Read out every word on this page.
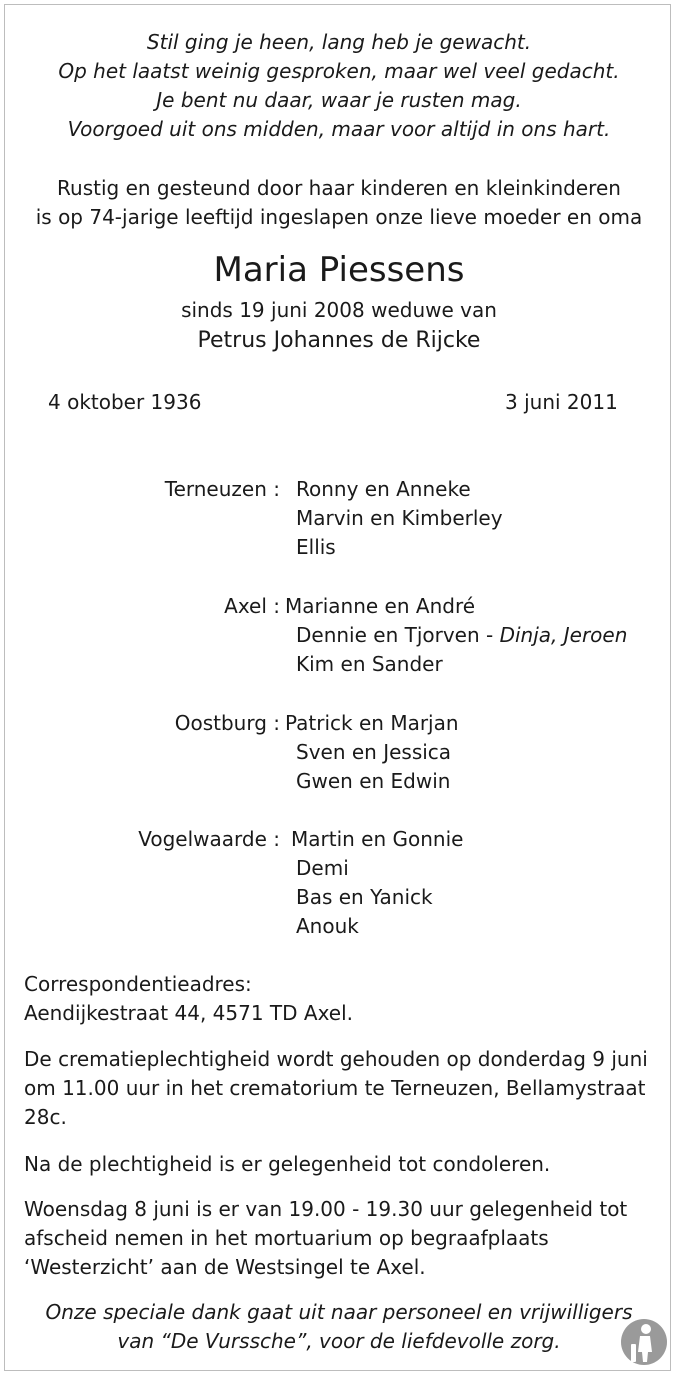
Stil ging je heen, lang heb je gewacht.
Op het laatst weinig gesproken, maar wel veel gedacht.
Je bent nu daar, waar je rusten mag.
Voorgoed uit ons midden, maar voor altijd in ons hart.
Rustig en gesteund door haar kinderen en kleinkinderen
is op 74-jarige leeftijd ingeslapen onze lieve moeder en oma
Maria Piessens
sinds 19 juni 2008 weduwe van
Petrus Johannes de Rijcke
4 oktober 1936	3 juni 2011
Terneuzen : Ronny en Anneke
Marvin en Kimberley
Ellis
Axel : Marianne en André
Dennie en Tjorven - Dinja, Jeroen
Kim en Sander
Oostburg : Patrick en Marjan
Sven en Jessica
Gwen en Edwin
Vogelwaarde : Martin en Gonnie
Demi
Bas en Yanick
Anouk
Correspondentieadres:
Aendijkestraat 44, 4571 TD Axel.
De crematieplechtigheid wordt gehouden op donderdag 9 juni om 11.00 uur in het crematorium te Terneuzen, Bellamystraat 28c.
Na de plechtigheid is er gelegenheid tot condoleren.
Woensdag 8 juni is er van 19.00 - 19.30 uur gelegenheid tot afscheid nemen in het mortuarium op begraafplaats ‘Westerzicht’ aan de Westsingel te Axel.
Onze speciale dank gaat uit naar personeel en vrijwilligers
van “De Vurssche”, voor de liefdevolle zorg.
